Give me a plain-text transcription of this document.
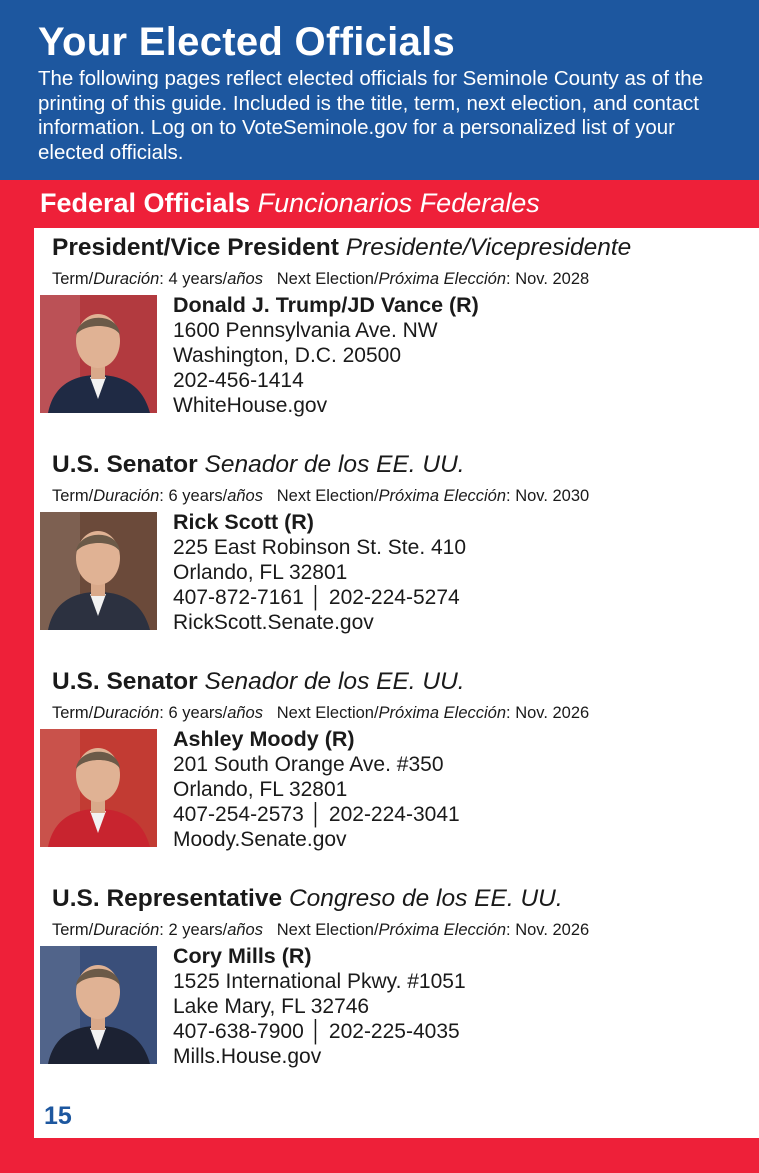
Your Elected Officials

The following pages reflect elected officials for Seminole County as of the printing of this guide. Included is the title, term, next election, and contact information. Log on to VoteSeminole.gov for a personalized list of your elected officials.

Federal Officials Funcionarios Federales
President/Vice President Presidente/Vicepresidente
Term/Duración: 4 years/años Next Election/Próxima Elección: Nov. 2028
Donald J. Trump/JD Vance (R)
1600 Pennsylvania Ave. NW
Washington, D.C. 20500
202-456-1414
WhiteHouse.gov
U.S. Senator Senador de los EE. UU.
Term/Duración: 6 years/años Next Election/Próxima Elección: Nov. 2030
Rick Scott (R)
225 East Robinson St. Ste. 410
Orlando, FL 32801
407-872-7161 │ 202-224-5274
RickScott.Senate.gov
U.S. Senator Senador de los EE. UU.
Term/Duración: 6 years/años Next Election/Próxima Elección: Nov. 2026
Ashley Moody (R)
201 South Orange Ave. #350
Orlando, FL 32801
407-254-2573 │ 202-224-3041
Moody.Senate.gov
U.S. Representative Congreso de los EE. UU.
Term/Duración: 2 years/años Next Election/Próxima Elección: Nov. 2026
Cory Mills (R)
1525 International Pkwy. #1051
Lake Mary, FL 32746
407-638-7900 │ 202-225-4035
Mills.House.gov
15
